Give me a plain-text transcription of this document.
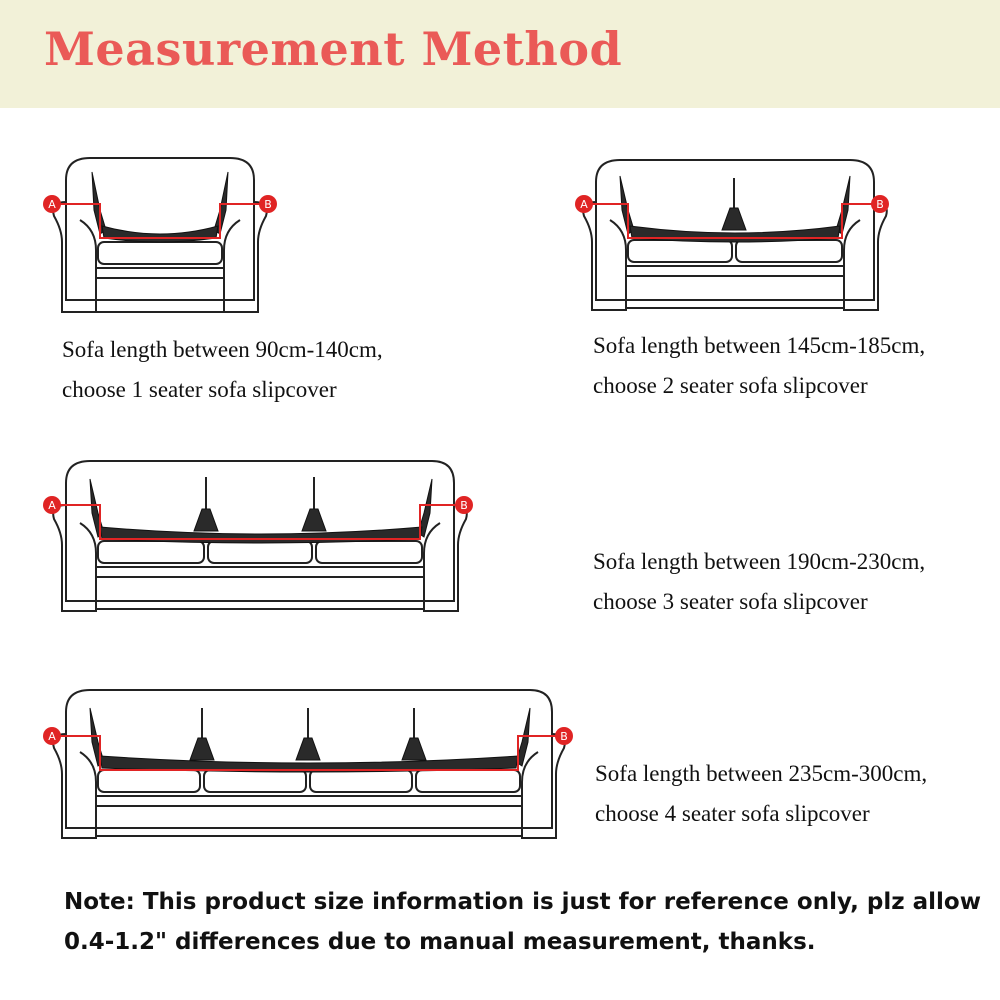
Measurement Method
A	B	A	B
A	B
A	B
Sofa length between 90cm-140cm,
choose 1 seater sofa slipcover
Sofa length between 145cm-185cm,
choose 2 seater sofa slipcover
Sofa length between 190cm-230cm,
choose 3 seater sofa slipcover
Sofa length between 235cm-300cm,
choose 4 seater sofa slipcover
Note: This product size information is just for reference only, plz allow
0.4-1.2" differences due to manual measurement, thanks.
